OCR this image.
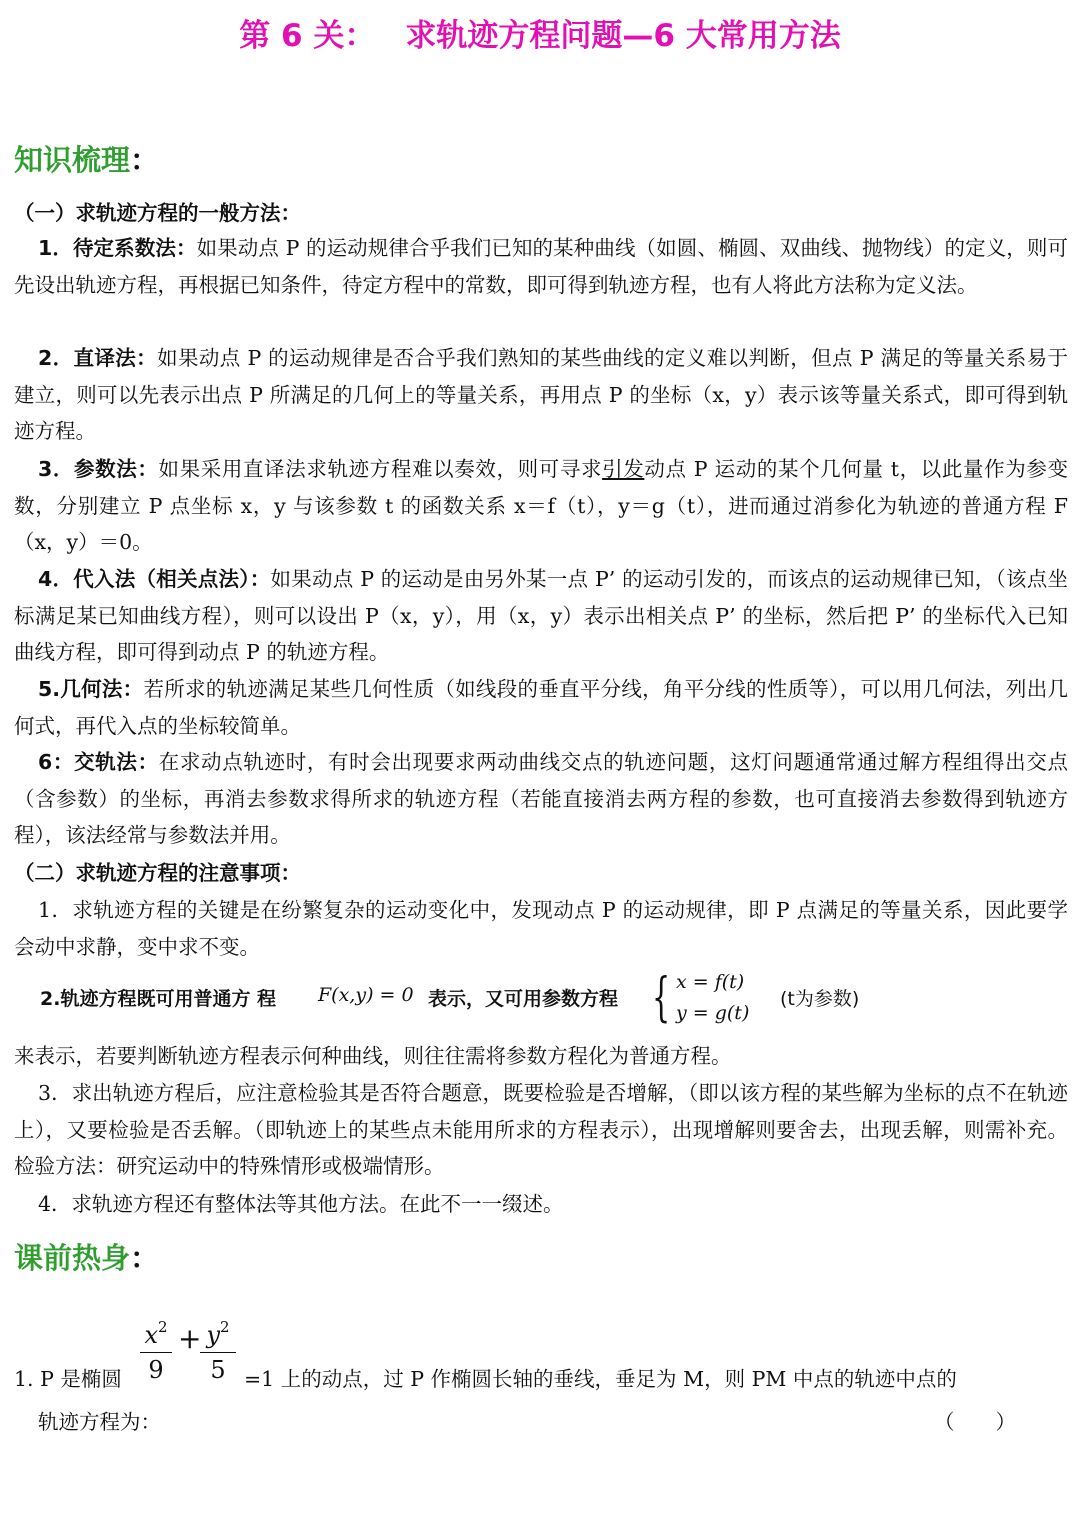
第 6 关： 求轨迹方程问题—6 大常用方法
知识梳理：
（一）求轨迹方程的一般方法：

1．待定系数法：如果动点 P 的运动规律合乎我们已知的某种曲线（如圆、椭圆、双曲线、抛物线）的定义，则可先设出轨迹方程，再根据已知条件，待定方程中的常数，即可得到轨迹方程，也有人将此方法称为定义法。

2．直译法：如果动点 P 的运动规律是否合乎我们熟知的某些曲线的定义难以判断，但点 P 满足的等量关系易于建立，则可以先表示出点 P 所满足的几何上的等量关系，再用点 P 的坐标（x，y）表示该等量关系式，即可得到轨迹方程。

3．参数法：如果采用直译法求轨迹方程难以奏效，则可寻求引发动点 P 运动的某个几何量 t，以此量作为参变数，分别建立 P 点坐标 x，y 与该参数 t 的函数关系 x＝f（t），y＝g（t），进而通过消参化为轨迹的普通方程 F（x，y）＝0。

4．代入法（相关点法）：如果动点 P 的运动是由另外某一点 P’ 的运动引发的，而该点的运动规律已知，（该点坐标满足某已知曲线方程），则可以设出 P（x，y），用（x，y）表示出相关点 P’ 的坐标，然后把 P’ 的坐标代入已知曲线方程，即可得到动点 P 的轨迹方程。

5.几何法：若所求的轨迹满足某些几何性质（如线段的垂直平分线，角平分线的性质等），可以用几何法，列出几何式，再代入点的坐标较简单。

6：交轨法：在求动点轨迹时，有时会出现要求两动曲线交点的轨迹问题，这灯问题通常通过解方程组得出交点（含参数）的坐标，再消去参数求得所求的轨迹方程（若能直接消去两方程的参数，也可直接消去参数得到轨迹方程），该法经常与参数法并用。

（二）求轨迹方程的注意事项：

1．求轨迹方程的关键是在纷繁复杂的运动变化中，发现动点 P 的运动规律，即 P 点满足的等量关系，因此要学会动中求静，变中求不变。

2.轨迹方程既可用普通方 程 F(x,y) = 0 表示，又可用参数方程 { x = f(t)
y = g(t)
(t为参数)

来表示，若要判断轨迹方程表示何种曲线，则往往需将参数方程化为普通方程。

3．求出轨迹方程后，应注意检验其是否符合题意，既要检验是否增解，（即以该方程的某些解为坐标的点不在轨迹上），又要检验是否丢解。（即轨迹上的某些点未能用所求的方程表示），出现增解则要舍去，出现丢解，则需补充。检验方法：研究运动中的特殊情形或极端情形。

4．求轨迹方程还有整体法等其他方法。在此不一一缀述。

课前热身：
1. P 是椭圆
$x^2$
9
+ $y^2$
5 =1 上的动点，过 P 作椭圆长轴的垂线，垂足为 M，则 PM 中点的轨迹中点的
轨迹方程为：	（　　）
